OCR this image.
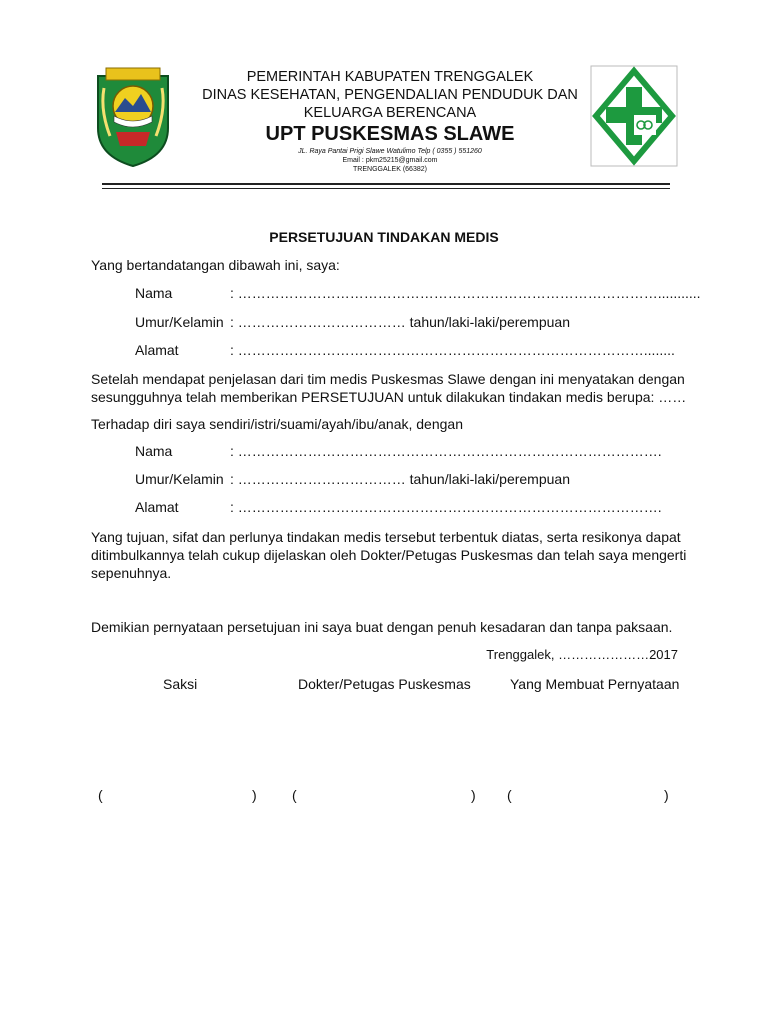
PEMERINTAH KABUPATEN TRENGGALEK
DINAS KESEHATAN, PENGENDALIAN PENDUDUK DAN
KELUARGA BERENCANA
UPT PUSKESMAS SLAWE
JL. Raya Pantai Prigi Slawe Watulimo Telp ( 0355 ) 551260
Email : pkm25215@gmail.com
TRENGGALEK (66382)
PERSETUJUAN TINDAKAN MEDIS
Yang bertandatangan dibawah ini, saya:
Nama	: ………………………………………………………………………………...........
Umur/Kelamin : ……………………………… tahun/laki-laki/perempuan
Alamat	: ……………………………………………………………………………........
Setelah mendapat penjelasan dari tim medis Puskesmas Slawe dengan ini menyatakan dengan
sesungguhnya telah memberikan PERSETUJUAN untuk dilakukan tindakan medis berupa: ……
Terhadap diri saya sendiri/istri/suami/ayah/ibu/anak, dengan
Nama	: ……………………………………………………………………………….
Umur/Kelamin : ……………………………… tahun/laki-laki/perempuan
Alamat	: ……………………………………………………………………………….
Yang tujuan, sifat dan perlunya tindakan medis tersebut terbentuk diatas, serta resikonya dapat
ditimbulkannya telah cukup dijelaskan oleh Dokter/Petugas Puskesmas dan telah saya mengerti
sepenuhnya.
Demikian pernyataan persetujuan ini saya buat dengan penuh kesadaran dan tanpa paksaan.
Trenggalek, …………………2017
Saksi	Dokter/Petugas Puskesmas	Yang Membuat Pernyataan
(	)	(	) (	)
